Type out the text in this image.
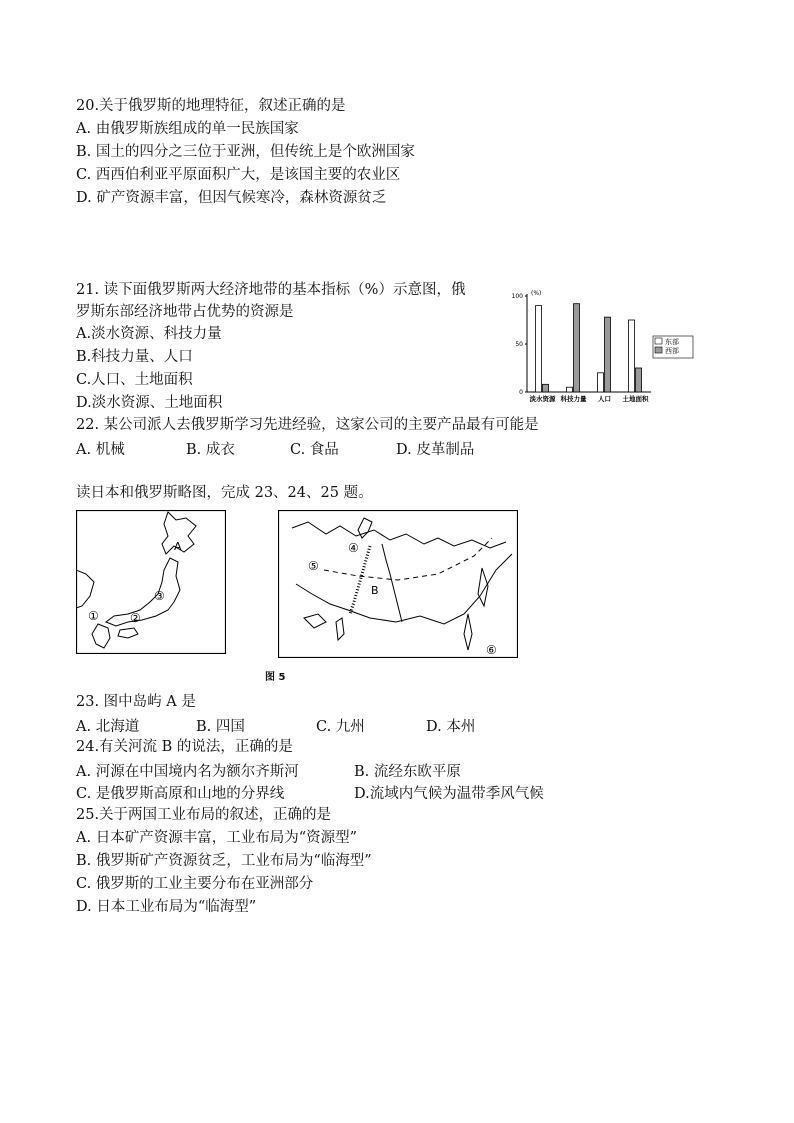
20.关于俄罗斯的地理特征，叙述正确的是
A. 由俄罗斯族组成的单一民族国家
B. 国土的四分之三位于亚洲，但传统上是个欧洲国家
C. 西西伯利亚平原面积广大，是该国主要的农业区
D. 矿产资源丰富，但因气候寒冷，森林资源贫乏
21. 读下面俄罗斯两大经济地带的基本指标（%）示意图，俄
罗斯东部经济地带占优势的资源是
A.淡水资源、科技力量
B.科技力量、人口
C.人口、土地面积
D.淡水资源、土地面积
(%)
0
50
100
淡水资源 科技力量 人口 土地面积
东部
西部
22. 某公司派人去俄罗斯学习先进经验，这家公司的主要产品最有可能是
A. 机械	B. 成衣	C. 食品	D. 皮革制品
读日本和俄罗斯略图，完成 23、24、25 题。
A
①	②
③
④
⑤
B
⑥
图 5
23. 图中岛屿 A 是
A. 北海道	B. 四国	C. 九州	D. 本州
24.有关河流 B 的说法，正确的是
A. 河源在中国境内名为额尔齐斯河	B. 流经东欧平原
C. 是俄罗斯高原和山地的分界线	D.流域内气候为温带季风气候
25.关于两国工业布局的叙述，正确的是
A. 日本矿产资源丰富，工业布局为“资源型”
B. 俄罗斯矿产资源贫乏，工业布局为“临海型”
C. 俄罗斯的工业主要分布在亚洲部分
D. 日本工业布局为“临海型”
